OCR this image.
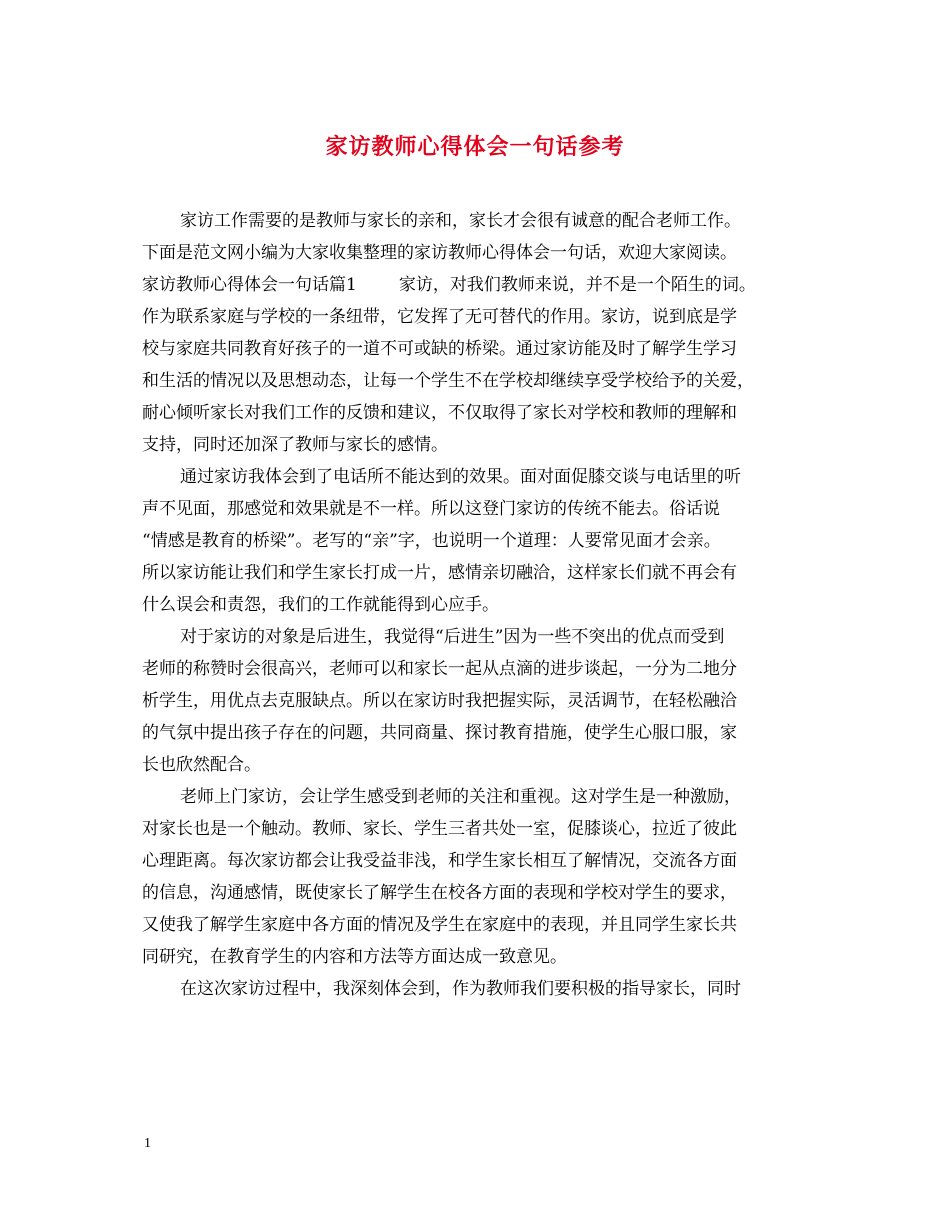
家访教师心得体会一句话参考
家访工作需要的是教师与家长的亲和，家长才会很有诚意的配合老师工作。
下面是范文网小编为大家收集整理的家访教师心得体会一句话，欢迎大家阅读。
家访教师心得体会一句话篇1 家访，对我们教师来说，并不是一个陌生的词。
作为联系家庭与学校的一条纽带，它发挥了无可替代的作用。家访，说到底是学
校与家庭共同教育好孩子的一道不可或缺的桥梁。通过家访能及时了解学生学习
和生活的情况以及思想动态，让每一个学生不在学校却继续享受学校给予的关爱，
耐心倾听家长对我们工作的反馈和建议，不仅取得了家长对学校和教师的理解和
支持，同时还加深了教师与家长的感情。
通过家访我体会到了电话所不能达到的效果。面对面促膝交谈与电话里的听
声不见面，那感觉和效果就是不一样。所以这登门家访的传统不能去。俗话说
“情感是教育的桥梁”。老写的“亲”字，也说明一个道理：人要常见面才会亲。
所以家访能让我们和学生家长打成一片，感情亲切融洽，这样家长们就不再会有
什么误会和责怨，我们的工作就能得到心应手。
对于家访的对象是后进生，我觉得“后进生”因为一些不突出的优点而受到
老师的称赞时会很高兴，老师可以和家长一起从点滴的进步谈起，一分为二地分
析学生，用优点去克服缺点。所以在家访时我把握实际，灵活调节，在轻松融洽
的气氛中提出孩子存在的问题，共同商量、探讨教育措施，使学生心服口服，家
长也欣然配合。
老师上门家访，会让学生感受到老师的关注和重视。这对学生是一种激励，
对家长也是一个触动。教师、家长、学生三者共处一室，促膝谈心，拉近了彼此
心理距离。每次家访都会让我受益非浅，和学生家长相互了解情况，交流各方面
的信息，沟通感情，既使家长了解学生在校各方面的表现和学校对学生的要求，
又使我了解学生家庭中各方面的情况及学生在家庭中的表现，并且同学生家长共
同研究，在教育学生的内容和方法等方面达成一致意见。
在这次家访过程中，我深刻体会到，作为教师我们要积极的指导家长，同时
1
